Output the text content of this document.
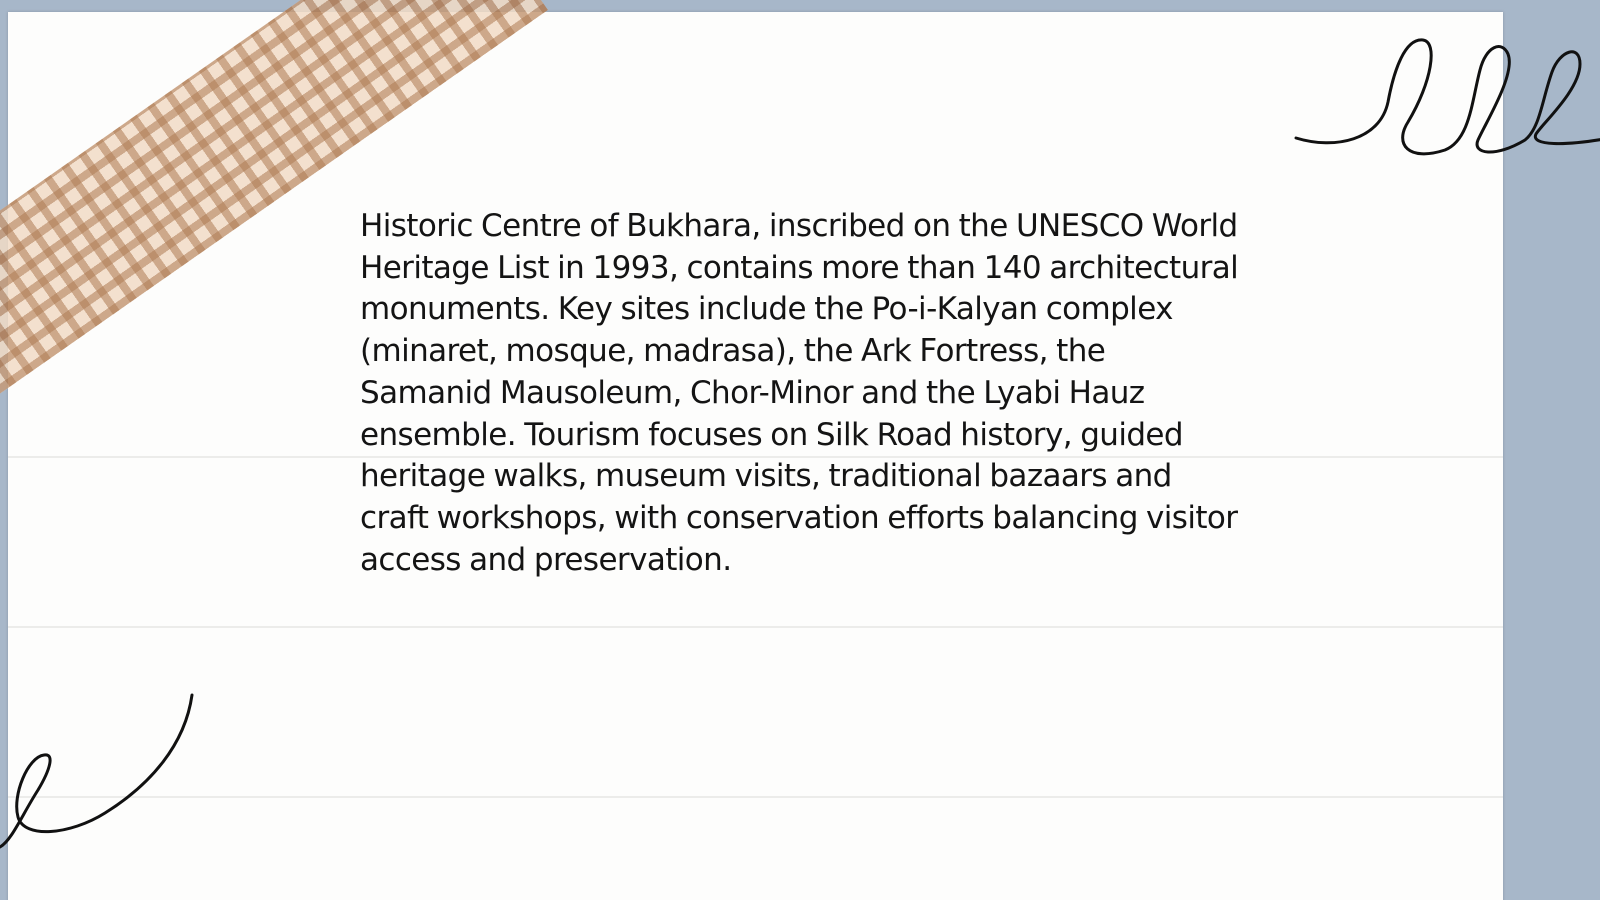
Historic Centre of Bukhara, inscribed on the UNESCO World Heritage List in 1993, contains more than 140 architectural monuments. Key sites include the Po-i-Kalyan complex (minaret, mosque, madrasa), the Ark Fortress, the Samanid Mausoleum, Chor-Minor and the Lyabi Hauz ensemble. Tourism focuses on Silk Road history, guided heritage walks, museum visits, traditional bazaars and craft workshops, with conservation efforts balancing visitor access and preservation.
